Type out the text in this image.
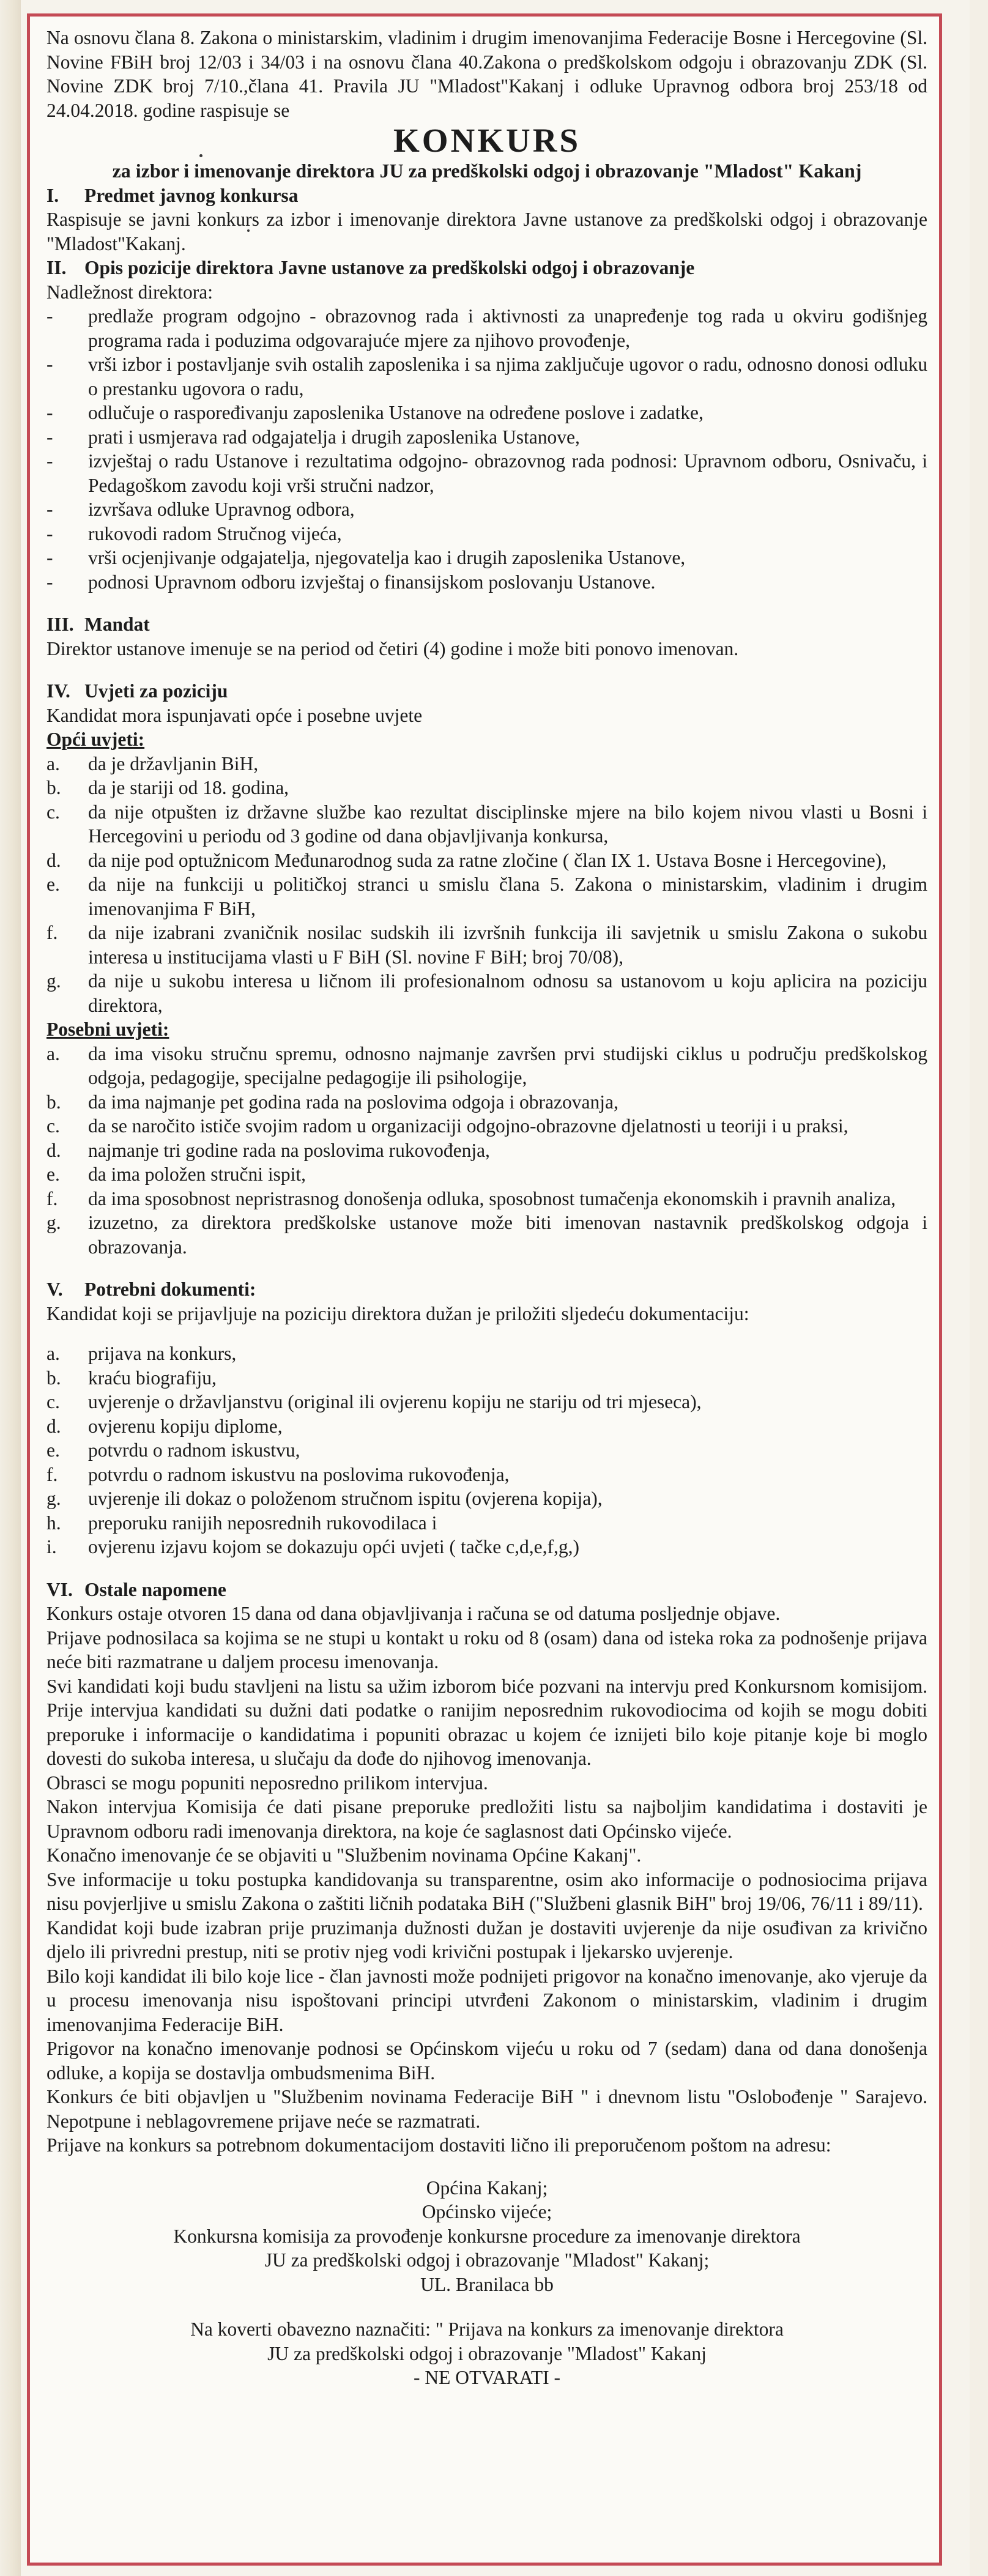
Na osnovu člana 8. Zakona o ministarskim, vladinim i drugim imenovanjima Federacije Bosne i Hercegovine (Sl. Novine FBiH broj 12/03 i 34/03 i na osnovu člana 40.Zakona o predškolskom odgoju i obrazovanju ZDK (Sl. Novine ZDK broj 7/10.,člana 41. Pravila JU "Mladost"Kakanj i odluke Upravnog odbora broj 253/18 od 24.04.2018. godine raspisuje se

KONKURS

za izbor i imenovanje direktora JU za predškolski odgoj i obrazovanje "Mladost" Kakanj

I. Predmet javnog konkursa

Raspisuje se javni konkurs za izbor i imenovanje direktora Javne ustanove za predškolski odgoj i obrazovanje "Mladost"Kakanj.

II. Opis pozicije direktora Javne ustanove za predškolski odgoj i obrazovanje

Nadležnost direktora:

- predlaže program odgojno - obrazovnog rada i aktivnosti za unapređenje tog rada u okviru godišnjeg programa rada i poduzima odgovarajuće mjere za njihovo provođenje,
- vrši izbor i postavljanje svih ostalih zaposlenika i sa njima zaključuje ugovor o radu, odnosno donosi odluku o prestanku ugovora o radu,
- odlučuje o raspoređivanju zaposlenika Ustanove na određene poslove i zadatke,
- prati i usmjerava rad odgajatelja i drugih zaposlenika Ustanove,
- izvještaj o radu Ustanove i rezultatima odgojno- obrazovnog rada podnosi: Upravnom odboru, Osnivaču, i Pedagoškom zavodu koji vrši stručni nadzor,
- izvršava odluke Upravnog odbora,
- rukovodi radom Stručnog vijeća,
- vrši ocjenjivanje odgajatelja, njegovatelja kao i drugih zaposlenika Ustanove,
- podnosi Upravnom odboru izvještaj o finansijskom poslovanju Ustanove.

III. Mandat

Direktor ustanove imenuje se na period od četiri (4) godine i može biti ponovo imenovan.

IV. Uvjeti za poziciju

Kandidat mora ispunjavati opće i posebne uvjete

Opći uvjeti:

a. da je državljanin BiH,
b. da je stariji od 18. godina,
c. da nije otpušten iz državne službe kao rezultat disciplinske mjere na bilo kojem nivou vlasti u Bosni i Hercegovini u periodu od 3 godine od dana objavljivanja konkursa,
d. da nije pod optužnicom Međunarodnog suda za ratne zločine ( član IX 1. Ustava Bosne i Hercegovine),
e. da nije na funkciji u političkoj stranci u smislu člana 5. Zakona o ministarskim, vladinim i drugim imenovanjima F BiH,
f. da nije izabrani zvaničnik nosilac sudskih ili izvršnih funkcija ili savjetnik u smislu Zakona o sukobu interesa u institucijama vlasti u F BiH (Sl. novine F BiH; broj 70/08),
g. da nije u sukobu interesa u ličnom ili profesionalnom odnosu sa ustanovom u koju aplicira na poziciju direktora,

Posebni uvjeti:

a. da ima visoku stručnu spremu, odnosno najmanje završen prvi studijski ciklus u području predškolskog odgoja, pedagogije, specijalne pedagogije ili psihologije,
b. da ima najmanje pet godina rada na poslovima odgoja i obrazovanja,
c. da se naročito ističe svojim radom u organizaciji odgojno-obrazovne djelatnosti u teoriji i u praksi,
d. najmanje tri godine rada na poslovima rukovođenja,
e. da ima položen stručni ispit,
f. da ima sposobnost nepristrasnog donošenja odluka, sposobnost tumačenja ekonomskih i pravnih analiza,
g. izuzetno, za direktora predškolske ustanove može biti imenovan nastavnik predškolskog odgoja i obrazovanja.

V. Potrebni dokumenti:

Kandidat koji se prijavljuje na poziciju direktora dužan je priložiti sljedeću dokumentaciju:

a. prijava na konkurs,
b. kraću biografiju,
c. uvjerenje o državljanstvu (original ili ovjerenu kopiju ne stariju od tri mjeseca),
d. ovjerenu kopiju diplome,
e. potvrdu o radnom iskustvu,
f. potvrdu o radnom iskustvu na poslovima rukovođenja,
g. uvjerenje ili dokaz o položenom stručnom ispitu (ovjerena kopija),
h. preporuku ranijih neposrednih rukovodilaca i
i. ovjerenu izjavu kojom se dokazuju opći uvjeti ( tačke c,d,e,f,g,)

VI. Ostale napomene

Konkurs ostaje otvoren 15 dana od dana objavljivanja i računa se od datuma posljednje objave.

Prijave podnosilaca sa kojima se ne stupi u kontakt u roku od 8 (osam) dana od isteka roka za podnošenje prijava neće biti razmatrane u daljem procesu imenovanja.

Svi kandidati koji budu stavljeni na listu sa užim izborom biće pozvani na intervju pred Konkursnom komisijom. Prije intervjua kandidati su dužni dati podatke o ranijim neposrednim rukovodiocima od kojih se mogu dobiti preporuke i informacije o kandidatima i popuniti obrazac u kojem će iznijeti bilo koje pitanje koje bi moglo dovesti do sukoba interesa, u slučaju da dođe do njihovog imenovanja.

Obrasci se mogu popuniti neposredno prilikom intervjua.

Nakon intervjua Komisija će dati pisane preporuke predložiti listu sa najboljim kandidatima i dostaviti je Upravnom odboru radi imenovanja direktora, na koje će saglasnost dati Općinsko vijeće.

Konačno imenovanje će se objaviti u "Službenim novinama Općine Kakanj".

Sve informacije u toku postupka kandidovanja su transparentne, osim ako informacije o podnosiocima prijava nisu povjerljive u smislu Zakona o zaštiti ličnih podataka BiH ("Službeni glasnik BiH" broj 19/06, 76/11 i 89/11).

Kandidat koji bude izabran prije pruzimanja dužnosti dužan je dostaviti uvjerenje da nije osuđivan za krivično djelo ili privredni prestup, niti se protiv njeg vodi krivični postupak i ljekarsko uvjerenje.

Bilo koji kandidat ili bilo koje lice - član javnosti može podnijeti prigovor na konačno imenovanje, ako vjeruje da u procesu imenovanja nisu ispoštovani principi utvrđeni Zakonom o ministarskim, vladinim i drugim imenovanjima Federacije BiH.

Prigovor na konačno imenovanje podnosi se Općinskom vijeću u roku od 7 (sedam) dana od dana donošenja odluke, a kopija se dostavlja ombudsmenima BiH.

Konkurs će biti objavljen u "Službenim novinama Federacije BiH " i dnevnom listu "Oslobođenje " Sarajevo. Nepotpune i neblagovremene prijave neće se razmatrati.

Prijave na konkurs sa potrebnom dokumentacijom dostaviti lično ili preporučenom poštom na adresu:

Općina Kakanj;

Općinsko vijeće;

Konkursna komisija za provođenje konkursne procedure za imenovanje direktora

JU za predškolski odgoj i obrazovanje "Mladost" Kakanj;

UL. Branilaca bb

Na koverti obavezno naznačiti: " Prijava na konkurs za imenovanje direktora

JU za predškolski odgoj i obrazovanje "Mladost" Kakanj

- NE OTVARATI -
